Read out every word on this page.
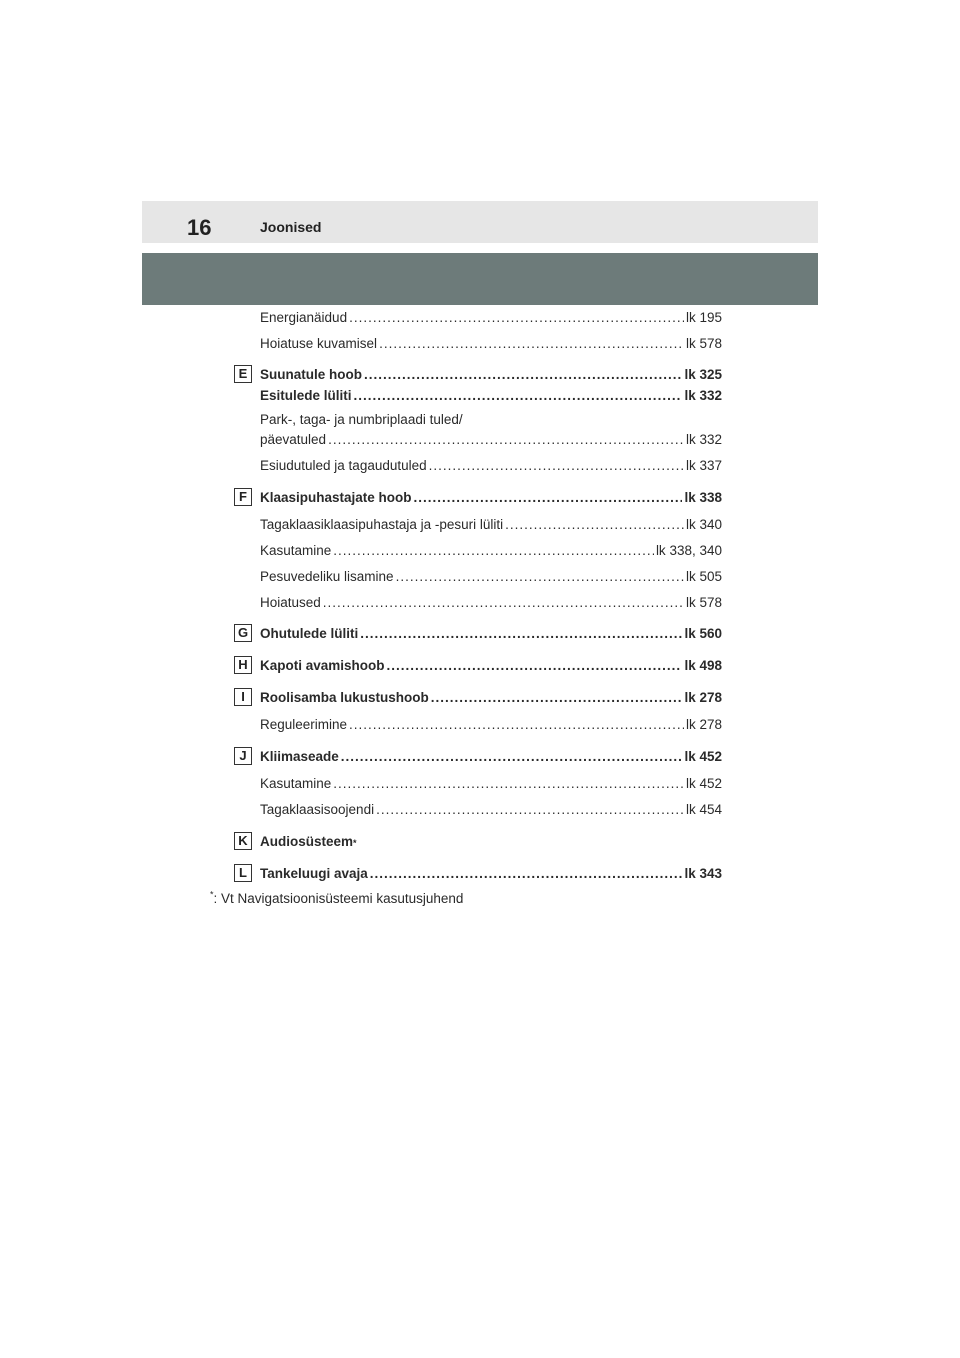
16	Joonised
Energianäidud .....	lk 195
Hoiatuse kuvamisel .....	lk 578
E Suunatule hoob .....	lk 325
Esitulede lüliti .....	lk 332
Park-, taga- ja numbriplaadi tuled/
päevatuled .....	lk 332
Esiudutuled ja tagaudutuled .....	lk 337
F Klaasipuhastajate hoob .....	lk 338
Tagaklaasiklaasipuhastaja ja -pesuri lüliti .....	lk 340
Kasutamine .....	lk 338, 340
Pesuvedeliku lisamine .....	lk 505
Hoiatused .....	lk 578
G Ohutulede lüliti .....	lk 560
H Kapoti avamishoob .....	lk 498
I	Roolisamba lukustushoob .....	lk 278
Reguleerimine .....	lk 278
J Kliimaseade .....	lk 452
Kasutamine .....	lk 452
Tagaklaasisoojendi .....	lk 454
K Audiosüsteem *
L Tankeluugi avaja .....	lk 343
*: Vt Navigatsioonisüsteemi kasutusjuhend
